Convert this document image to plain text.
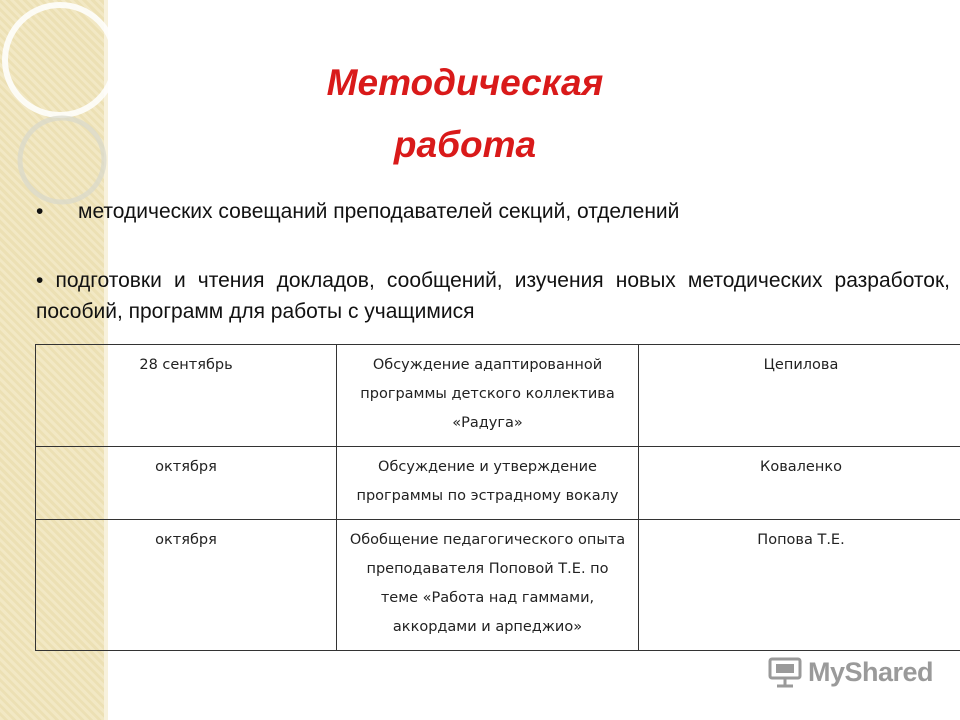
Методическая
работа
• методических совещаний преподавателей секций, отделений
• подготовки и чтения докладов, сообщений, изучения новых методических разработок, пособий, программ для работы с учащимися
28 сентябрь	Обсуждение адаптированной программы детского коллектива «Радуга»	Цепилова
октября	Обсуждение и утверждение программы по эстрадному вокалу	Коваленко
октября	Обобщение педагогического опыта преподавателя Поповой Т.Е. по теме «Работа над гаммами, аккордами и арпеджио»	Попова Т.Е.
MyShared
